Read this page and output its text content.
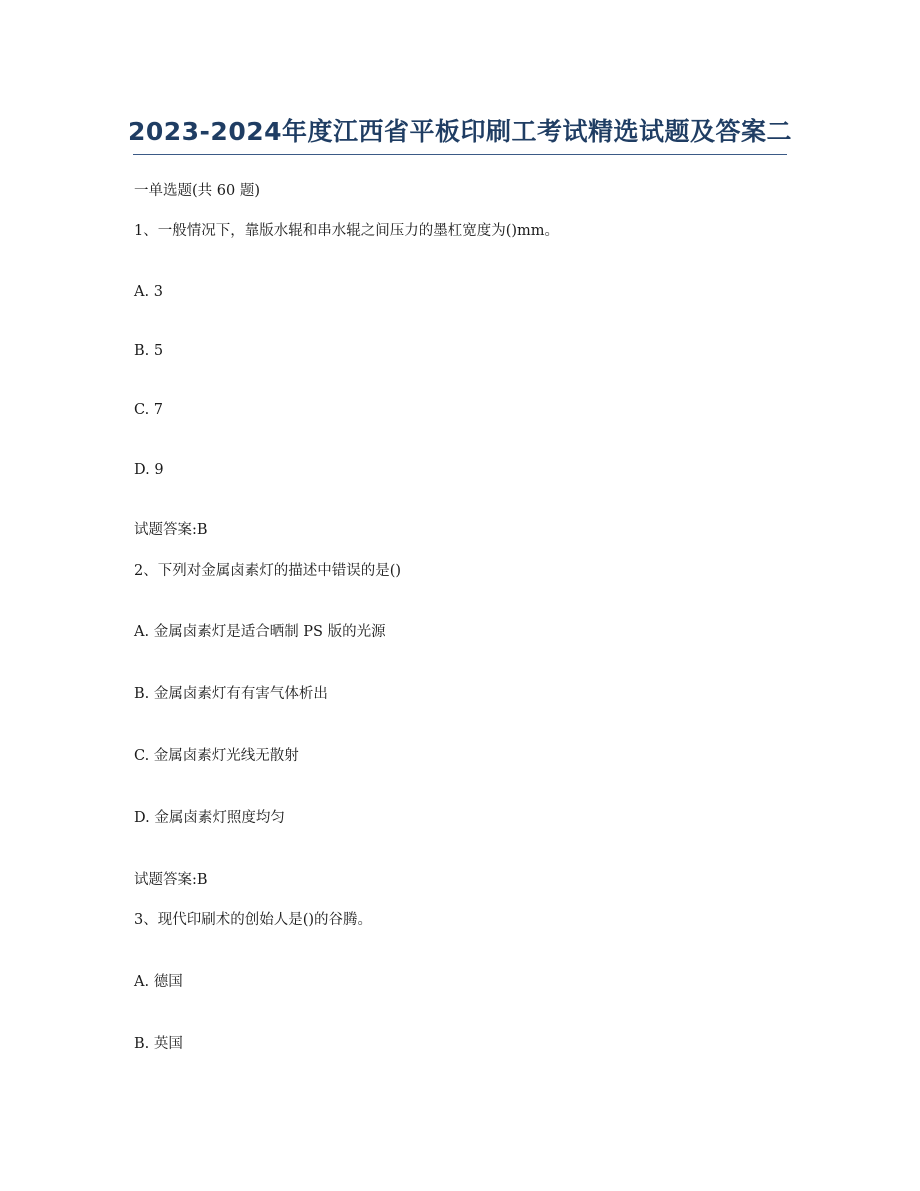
2023-2024年度江西省平板印刷工考试精选试题及答案二
一单选题(共 60 题)
1、一般情况下，靠版水辊和串水辊之间压力的墨杠宽度为()mm。
A. 3
B. 5
C. 7
D. 9
试题答案:B
2、下列对金属卤素灯的描述中错误的是()
A. 金属卤素灯是适合晒制 PS 版的光源
B. 金属卤素灯有有害气体析出
C. 金属卤素灯光线无散射
D. 金属卤素灯照度均匀
试题答案:B
3、现代印刷术的创始人是()的谷腾。
A. 德国
B. 英国
